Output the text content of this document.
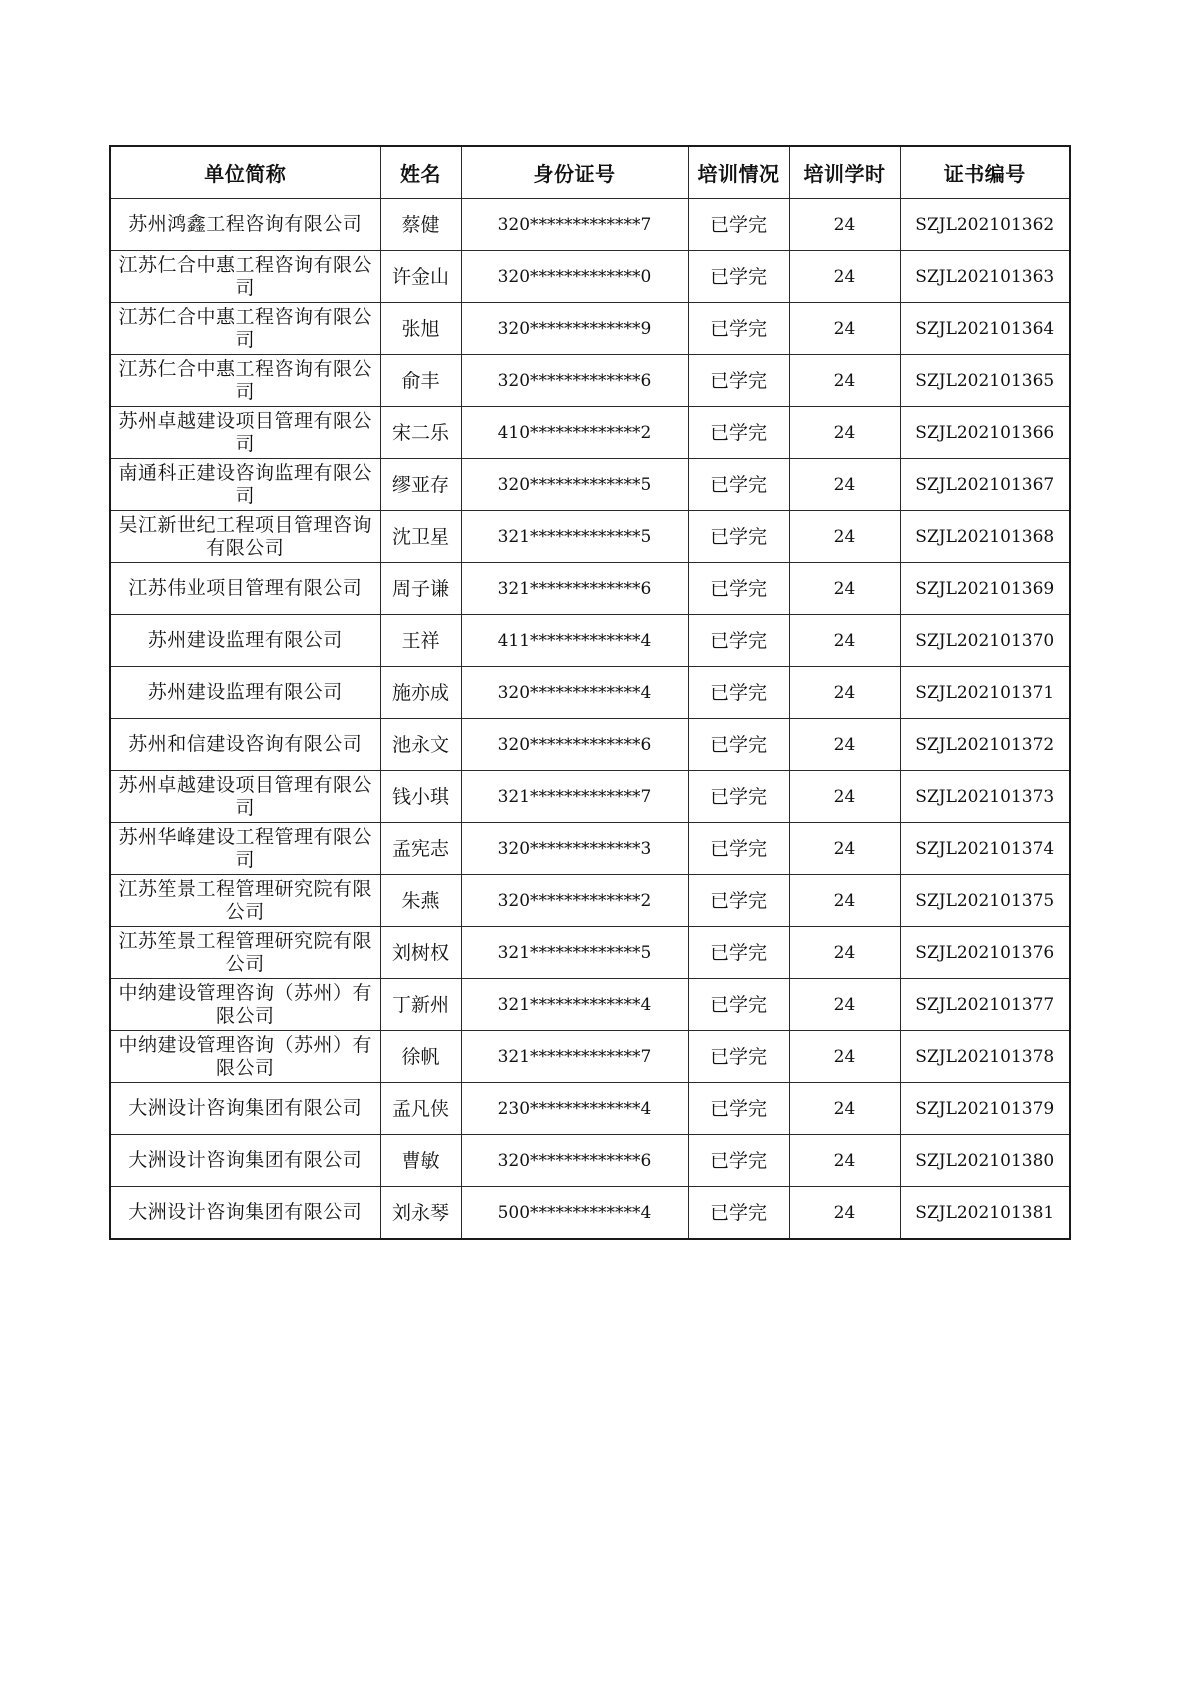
单位简称	姓名	身份证号	培训情况	培训学时	证书编号
苏州鸿鑫工程咨询有限公司	蔡健	320*************7	已学完	24	SZJL202101362
江苏仁合中惠工程咨询有限公司	许金山	320*************0	已学完	24	SZJL202101363
江苏仁合中惠工程咨询有限公司	张旭	320*************9	已学完	24	SZJL202101364
江苏仁合中惠工程咨询有限公司	俞丰	320*************6	已学完	24	SZJL202101365
苏州卓越建设项目管理有限公司	宋二乐	410*************2	已学完	24	SZJL202101366
南通科正建设咨询监理有限公司	缪亚存	320*************5	已学完	24	SZJL202101367
吴江新世纪工程项目管理咨询有限公司	沈卫星	321*************5	已学完	24	SZJL202101368
江苏伟业项目管理有限公司	周子谦	321*************6	已学完	24	SZJL202101369
苏州建设监理有限公司	王祥	411*************4	已学完	24	SZJL202101370
苏州建设监理有限公司	施亦成	320*************4	已学完	24	SZJL202101371
苏州和信建设咨询有限公司	池永文	320*************6	已学完	24	SZJL202101372
苏州卓越建设项目管理有限公司	钱小琪	321*************7	已学完	24	SZJL202101373
苏州华峰建设工程管理有限公司	孟宪志	320*************3	已学完	24	SZJL202101374
江苏笙景工程管理研究院有限公司	朱燕	320*************2	已学完	24	SZJL202101375
江苏笙景工程管理研究院有限公司	刘树权	321*************5	已学完	24	SZJL202101376
中纳建设管理咨询（苏州）有限公司	丁新州	321*************4	已学完	24	SZJL202101377
中纳建设管理咨询（苏州）有限公司	徐帆	321*************7	已学完	24	SZJL202101378
大洲设计咨询集团有限公司	孟凡侠	230*************4	已学完	24	SZJL202101379
大洲设计咨询集团有限公司	曹敏	320*************6	已学完	24	SZJL202101380
大洲设计咨询集团有限公司	刘永琴	500*************4	已学完	24	SZJL202101381
